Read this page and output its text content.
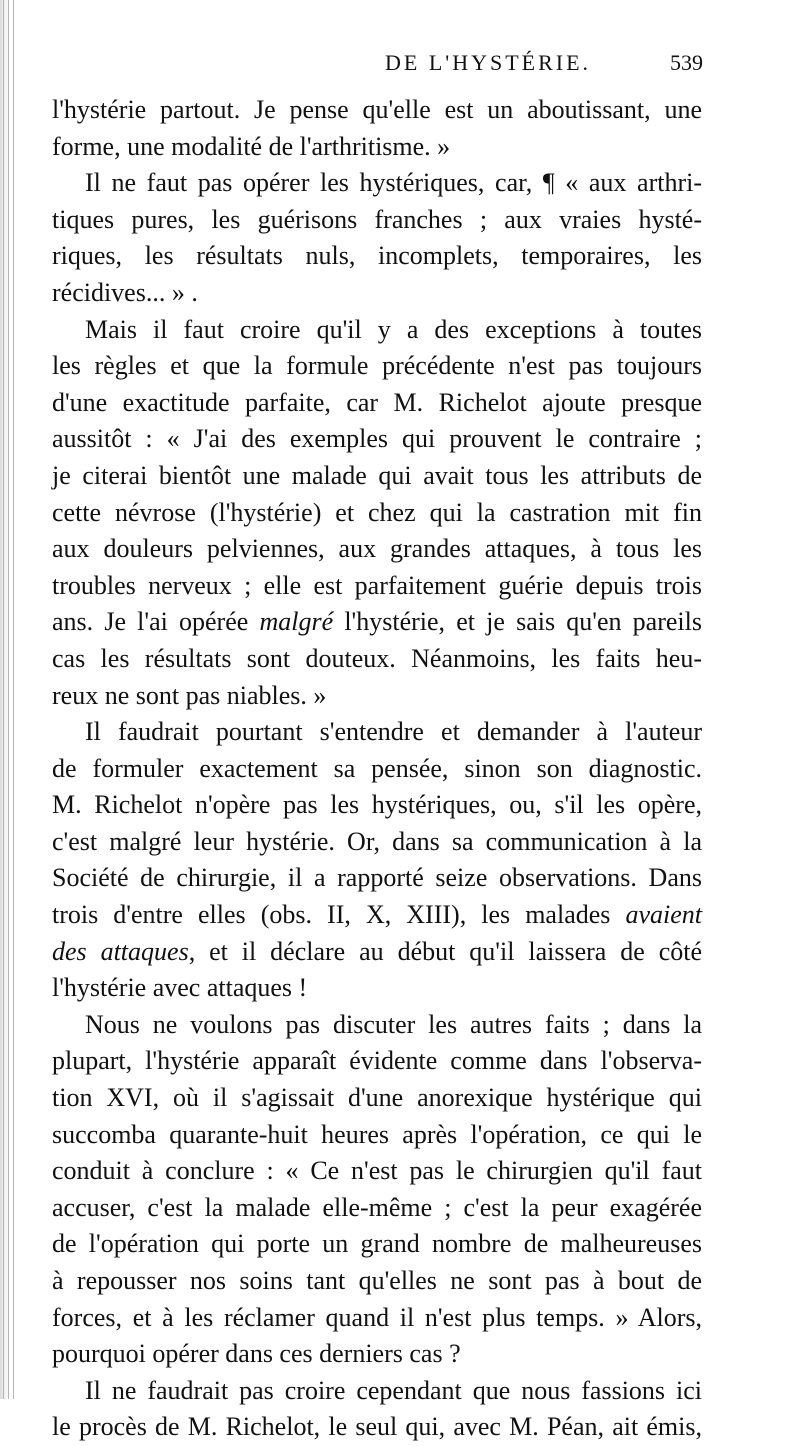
DE L'HYSTÉRIE.	539
l'hystérie partout. Je pense qu'elle est un aboutissant, une
forme, une modalité de l'arthritisme. »
Il ne faut pas opérer les hystériques, car, ¶ « aux arthri-
tiques pures, les guérisons franches ; aux vraies hysté-
riques, les résultats nuls, incomplets, temporaires, les
récidives... » .
Mais il faut croire qu'il y a des exceptions à toutes
les règles et que la formule précédente n'est pas toujours
d'une exactitude parfaite, car M. Richelot ajoute presque
aussitôt : « J'ai des exemples qui prouvent le contraire ;
je citerai bientôt une malade qui avait tous les attributs de
cette névrose (l'hystérie) et chez qui la castration mit fin
aux douleurs pelviennes, aux grandes attaques, à tous les
troubles nerveux ; elle est parfaitement guérie depuis trois
ans. Je l'ai opérée malgré l'hystérie, et je sais qu'en pareils
cas les résultats sont douteux. Néanmoins, les faits heu-
reux ne sont pas niables. »
Il faudrait pourtant s'entendre et demander à l'auteur
de formuler exactement sa pensée, sinon son diagnostic.
M. Richelot n'opère pas les hystériques, ou, s'il les opère,
c'est malgré leur hystérie. Or, dans sa communication à la
Société de chirurgie, il a rapporté seize observations. Dans
trois d'entre elles (obs. II, X, XIII), les malades avaient
des attaques, et il déclare au début qu'il laissera de côté
l'hystérie avec attaques !
Nous ne voulons pas discuter les autres faits ; dans la
plupart, l'hystérie apparaît évidente comme dans l'observa-
tion XVI, où il s'agissait d'une anorexique hystérique qui
succomba quarante-huit heures après l'opération, ce qui le
conduit à conclure : « Ce n'est pas le chirurgien qu'il faut
accuser, c'est la malade elle-même ; c'est la peur exagérée
de l'opération qui porte un grand nombre de malheureuses
à repousser nos soins tant qu'elles ne sont pas à bout de
forces, et à les réclamer quand il n'est plus temps. » Alors,
pourquoi opérer dans ces derniers cas ?
Il ne faudrait pas croire cependant que nous fassions ici
le procès de M. Richelot, le seul qui, avec M. Péan, ait émis,
